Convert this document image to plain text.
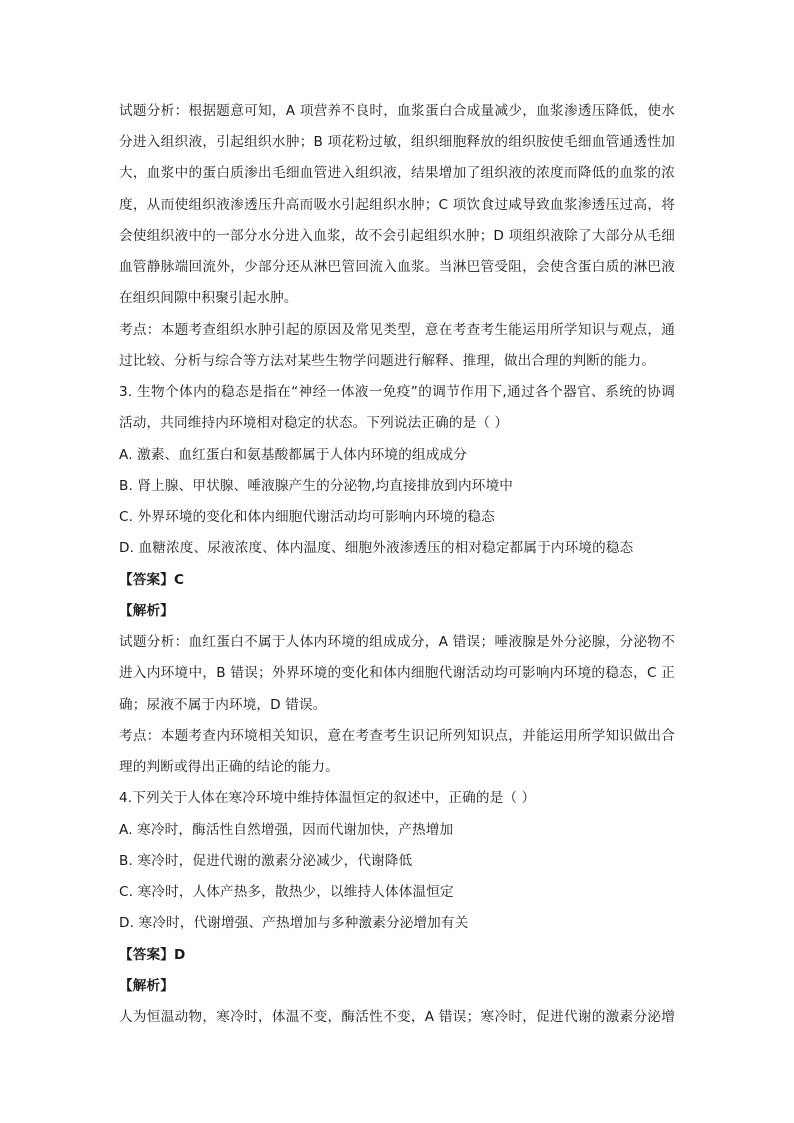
试题分析：根据题意可知，A 项营养不良时，血浆蛋白合成量减少，血浆渗透压降低，使水
分进入组织液，引起组织水肿；B 项花粉过敏，组织细胞释放的组织胺使毛细血管通透性加
大，血浆中的蛋白质渗出毛细血管进入组织液，结果增加了组织液的浓度而降低的血浆的浓
度，从而使组织液渗透压升高而吸水引起组织水肿；C 项饮食过咸导致血浆渗透压过高，将
会使组织液中的一部分水分进入血浆，故不会引起组织水肿；D 项组织液除了大部分从毛细
血管静脉端回流外，少部分还从淋巴管回流入血浆。当淋巴管受阻，会使含蛋白质的淋巴液
在组织间隙中积聚引起水肿。
考点：本题考查组织水肿引起的原因及常见类型，意在考查考生能运用所学知识与观点，通
过比较、分析与综合等方法对某些生物学问题进行解释、推理，做出合理的判断的能力。
3. 生物个体内的稳态是指在“神经一体液一免疫”的调节作用下,通过各个器官、系统的协调
活动，共同维持内环境相对稳定的状态。下列说法正确的是（ ）
A. 激素、血红蛋白和氨基酸都属于人体内环境的组成成分
B. 肾上腺、甲状腺、唾液腺产生的分泌物,均直接排放到内环境中
C. 外界环境的变化和体内细胞代谢活动均可影响内环境的稳态
D. 血糖浓度、尿液浓度、体内温度、细胞外液渗透压的相对稳定都属于内环境的稳态
【答案】C
【解析】
试题分析：血红蛋白不属于人体内环境的组成成分，A 错误；唾液腺是外分泌腺，分泌物不
进入内环境中，B 错误；外界环境的变化和体内细胞代谢活动均可影响内环境的稳态，C 正
确；尿液不属于内环境，D 错误。
考点：本题考查内环境相关知识，意在考查考生识记所列知识点，并能运用所学知识做出合
理的判断或得出正确的结论的能力。
4.下列关于人体在寒冷环境中维持体温恒定的叙述中，正确的是（ ）
A. 寒冷时，酶活性自然增强，因而代谢加快，产热增加
B. 寒冷时，促进代谢的激素分泌减少，代谢降低
C. 寒冷时，人体产热多，散热少，以维持人体体温恒定
D. 寒冷时，代谢增强、产热增加与多种激素分泌增加有关
【答案】D
【解析】
人为恒温动物，寒冷时，体温不变，酶活性不变，A 错误；寒冷时，促进代谢的激素分泌增
